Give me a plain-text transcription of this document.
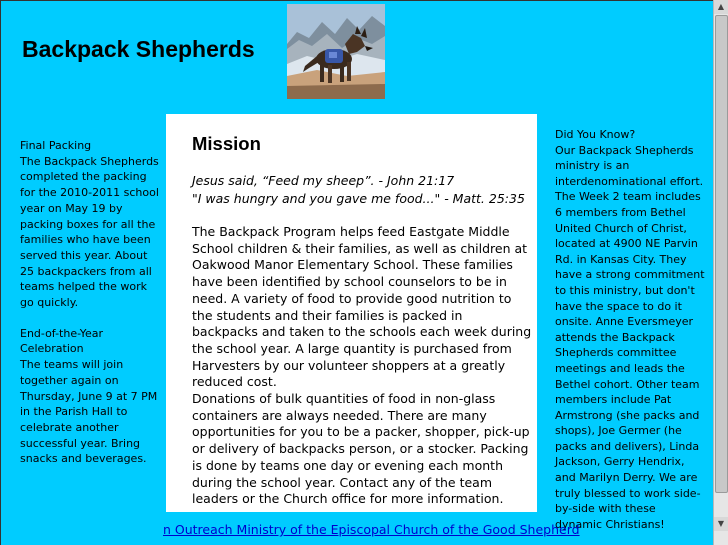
Backpack Shepherds

Final Packing
The Backpack Shepherds completed the packing for the 2010-2011 school year on May 19 by packing boxes for all the families who have been served this year. About 25 backpackers from all teams helped the work go quickly.

End-of-the-Year Celebration
The teams will join together again on Thursday, June 9 at 7 PM in the Parish Hall to celebrate another successful year. Bring snacks and beverages.

Mission
Jesus said, “Feed my sheep”. - John 21:17
"I was hungry and you gave me food..." - Matt. 25:35

The Backpack Program helps feed Eastgate Middle School children & their families, as well as children at Oakwood Manor Elementary School. These families have been identified by school counselors to be in need. A variety of food to provide good nutrition to the students and their families is packed in backpacks and taken to the schools each week during the school year. A large quantity is purchased from Harvesters by our volunteer shoppers at a greatly reduced cost.

Donations of bulk quantities of food in non-glass containers are always needed. There are many opportunities for you to be a packer, shopper, pick-up or delivery of backpacks person, or a stocker. Packing is done by teams one day or evening each month during the school year. Contact any of the team leaders or the Church office for more information.

Did You Know?
Our Backpack Shepherds ministry is an interdenominational effort. The Week 2 team includes 6 members from Bethel United Church of Christ, located at 4900 NE Parvin Rd. in Kansas City. They have a strong commitment to this ministry, but don't have the space to do it onsite. Anne Eversmeyer attends the Backpack Shepherds committee meetings and leads the Bethel cohort. Other team members include Pat Armstrong (she packs and shops), Joe Germer (he packs and delivers), Linda Jackson, Gerry Hendrix, and Marilyn Derry. We are truly blessed to work side-by-side with these dynamic Christians!
n Outreach Ministry of the Episcopal Church of the Good Shepherd
▲
▼
